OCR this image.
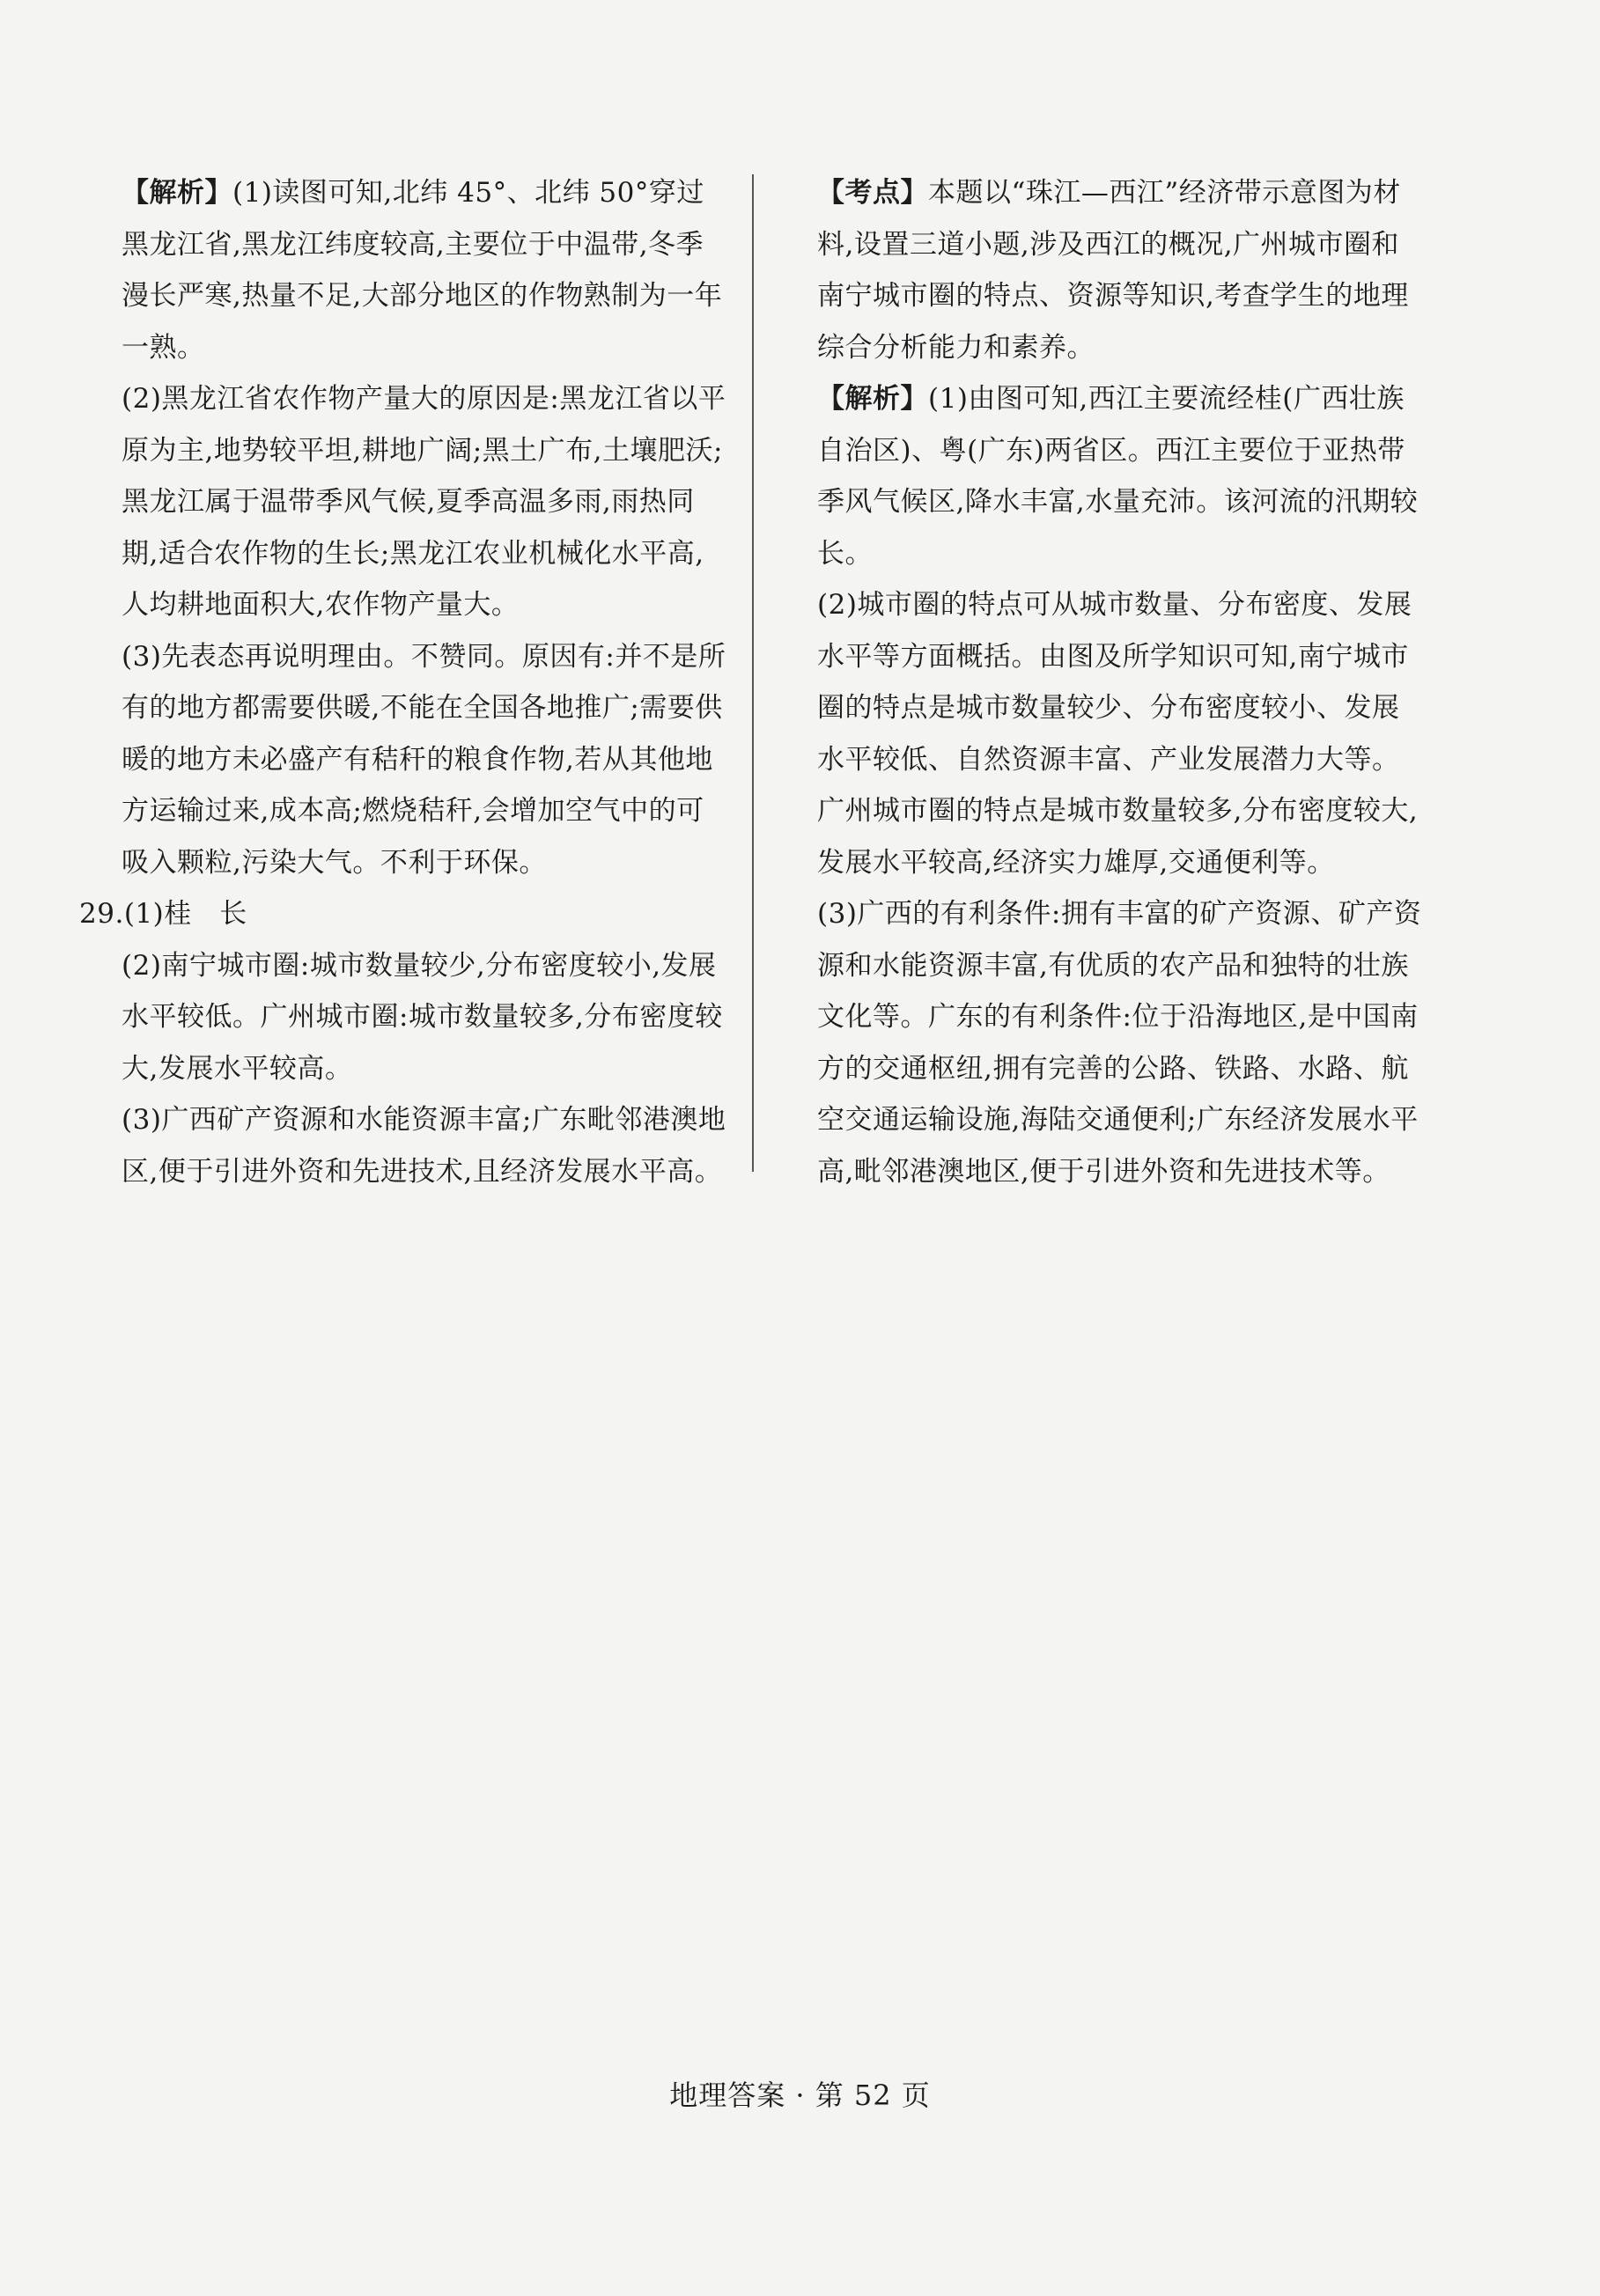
【解析】(1)读图可知,北纬 45°、北纬 50°穿过黑龙江省,黑龙江纬度较高,主要位于中温带,冬季漫长严寒,热量不足,大部分地区的作物熟制为一年一熟。

(2)黑龙江省农作物产量大的原因是:黑龙江省以平原为主,地势较平坦,耕地广阔;黑土广布,土壤肥沃;黑龙江属于温带季风气候,夏季高温多雨,雨热同期,适合农作物的生长;黑龙江农业机械化水平高,人均耕地面积大,农作物产量大。

(3)先表态再说明理由。不赞同。原因有:并不是所有的地方都需要供暖,不能在全国各地推广;需要供暖的地方未必盛产有秸秆的粮食作物,若从其他地方运输过来,成本高;燃烧秸秆,会增加空气中的可吸入颗粒,污染大气。不利于环保。

29.(1)桂　长

(2)南宁城市圈:城市数量较少,分布密度较小,发展水平较低。广州城市圈:城市数量较多,分布密度较大,发展水平较高。

(3)广西矿产资源和水能资源丰富;广东毗邻港澳地区,便于引进外资和先进技术,且经济发展水平高。

【考点】本题以“珠江—西江”经济带示意图为材料,设置三道小题,涉及西江的概况,广州城市圈和南宁城市圈的特点、资源等知识,考查学生的地理综合分析能力和素养。

【解析】(1)由图可知,西江主要流经桂(广西壮族自治区)、粤(广东)两省区。西江主要位于亚热带季风气候区,降水丰富,水量充沛。该河流的汛期较长。

(2)城市圈的特点可从城市数量、分布密度、发展水平等方面概括。由图及所学知识可知,南宁城市圈的特点是城市数量较少、分布密度较小、发展水平较低、自然资源丰富、产业发展潜力大等。广州城市圈的特点是城市数量较多,分布密度较大,发展水平较高,经济实力雄厚,交通便利等。

(3)广西的有利条件:拥有丰富的矿产资源、矿产资源和水能资源丰富,有优质的农产品和独特的壮族文化等。广东的有利条件:位于沿海地区,是中国南方的交通枢纽,拥有完善的公路、铁路、水路、航空交通运输设施,海陆交通便利;广东经济发展水平高,毗邻港澳地区,便于引进外资和先进技术等。

地理答案 · 第 52 页
